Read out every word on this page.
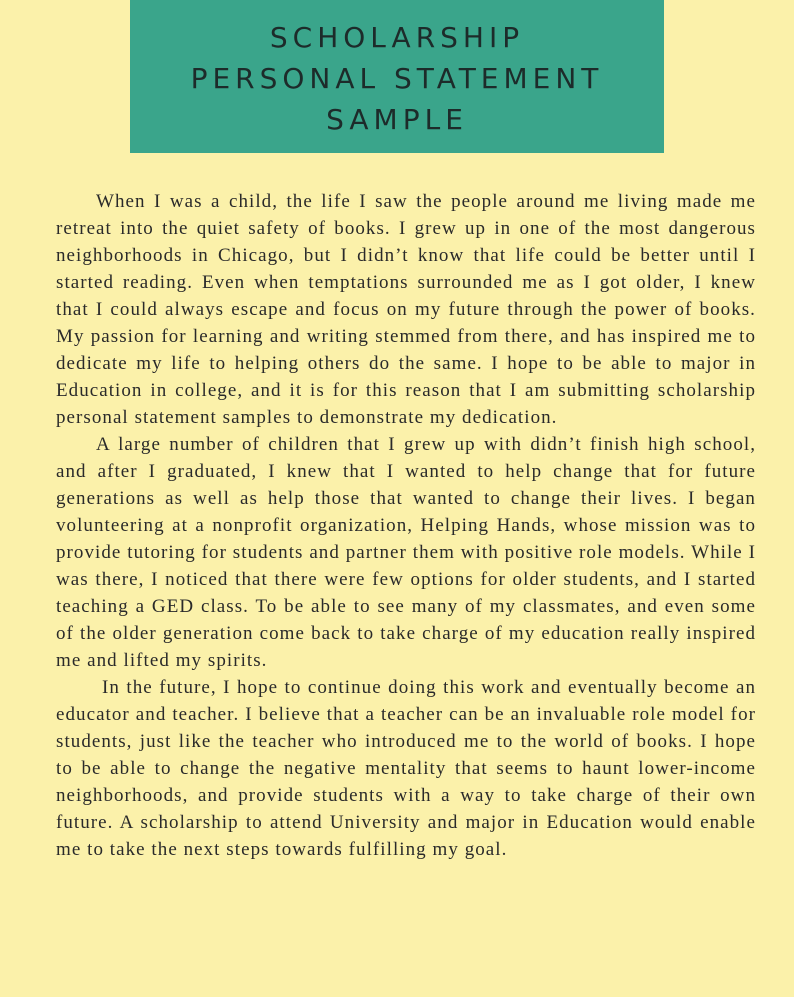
SCHOLARSHIP
PERSONAL STATEMENT
SAMPLE

When I was a child, the life I saw the people around me living made me retreat into the quiet safety of books. I grew up in one of the most dangerous neighborhoods in Chicago, but I didn’t know that life could be better until I started reading. Even when temptations surrounded me as I got older, I knew that I could always escape and focus on my future through the power of books. My passion for learning and writing stemmed from there, and has inspired me to dedicate my life to helping others do the same. I hope to be able to major in Education in college, and it is for this reason that I am submitting scholarship personal statement samples to demonstrate my dedication.

A large number of children that I grew up with didn’t finish high school, and after I graduated, I knew that I wanted to help change that for future generations as well as help those that wanted to change their lives. I began volunteering at a nonprofit organization, Helping Hands, whose mission was to provide tutoring for students and partner them with positive role models. While I was there, I noticed that there were few options for older students, and I started teaching a GED class. To be able to see many of my classmates, and even some of the older generation come back to take charge of my education really inspired me and lifted my spirits.

In the future, I hope to continue doing this work and eventually become an educator and teacher. I believe that a teacher can be an invaluable role model for students, just like the teacher who introduced me to the world of books. I hope to be able to change the negative mentality that seems to haunt lower-income neighborhoods, and provide students with a way to take charge of their own future. A scholarship to attend University and major in Education would enable me to take the next steps towards fulfilling my goal.
